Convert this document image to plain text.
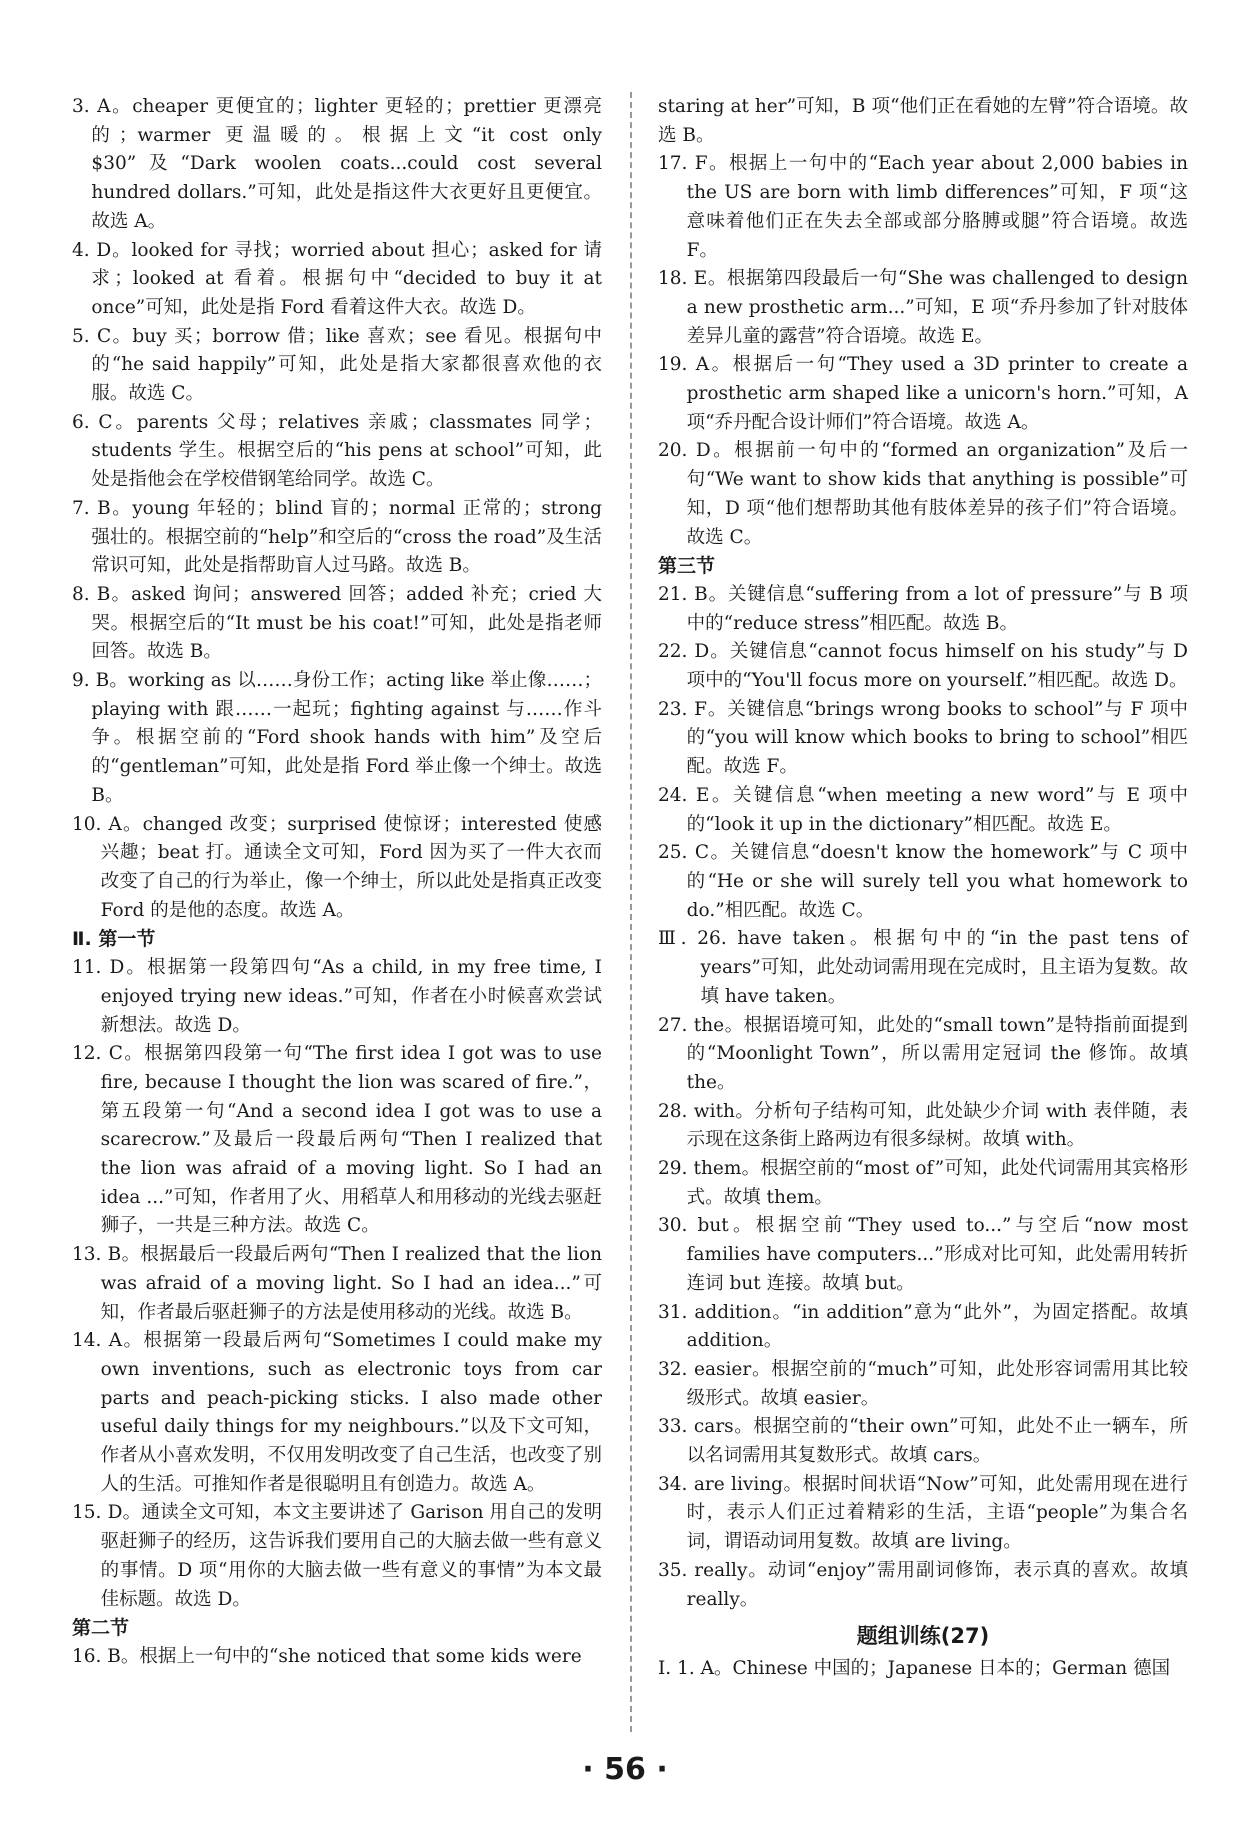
3. A。cheaper 更便宜的；lighter 更轻的；prettier 更漂亮的；warmer 更温暖的。根据上文“it cost only $30”及“Dark woolen coats...could cost several hundred dollars.”可知，此处是指这件大衣更好且更便宜。故选 A。

4. D。looked for 寻找；worried about 担心；asked for 请求；looked at 看着。根据句中“decided to buy it at once”可知，此处是指 Ford 看着这件大衣。故选 D。

5. C。buy 买；borrow 借；like 喜欢；see 看见。根据句中的“he said happily”可知，此处是指大家都很喜欢他的衣服。故选 C。

6. C。parents 父母；relatives 亲戚；classmates 同学；students 学生。根据空后的“his pens at school”可知，此处是指他会在学校借钢笔给同学。故选 C。

7. B。young 年轻的；blind 盲的；normal 正常的；strong 强壮的。根据空前的“help”和空后的“cross the road”及生活常识可知，此处是指帮助盲人过马路。故选 B。

8. B。asked 询问；answered 回答；added 补充；cried 大哭。根据空后的“It must be his coat!”可知，此处是指老师回答。故选 B。

9. B。working as 以……身份工作；acting like 举止像……；playing with 跟……一起玩；fighting against 与……作斗争。根据空前的“Ford shook hands with him”及空后的“gentleman”可知，此处是指 Ford 举止像一个绅士。故选 B。

10. A。changed 改变；surprised 使惊讶；interested 使感兴趣；beat 打。通读全文可知，Ford 因为买了一件大衣而改变了自己的行为举止，像一个绅士，所以此处是指真正改变 Ford 的是他的态度。故选 A。

Ⅱ. 第一节

11. D。根据第一段第四句“As a child, in my free time, I enjoyed trying new ideas.”可知，作者在小时候喜欢尝试新想法。故选 D。

12. C。根据第四段第一句“The first idea I got was to use fire, because I thought the lion was scared of fire.”，第五段第一句“And a second idea I got was to use a scarecrow.”及最后一段最后两句“Then I realized that the lion was afraid of a moving light. So I had an idea ...”可知，作者用了火、用稻草人和用移动的光线去驱赶狮子，一共是三种方法。故选 C。

13. B。根据最后一段最后两句“Then I realized that the lion was afraid of a moving light. So I had an idea...”可知，作者最后驱赶狮子的方法是使用移动的光线。故选 B。

14. A。根据第一段最后两句“Sometimes I could make my own inventions, such as electronic toys from car parts and peach-picking sticks. I also made other useful daily things for my neighbours.”以及下文可知，作者从小喜欢发明，不仅用发明改变了自己生活，也改变了别人的生活。可推知作者是很聪明且有创造力。故选 A。

15. D。通读全文可知，本文主要讲述了 Garison 用自己的发明驱赶狮子的经历，这告诉我们要用自己的大脑去做一些有意义的事情。D 项“用你的大脑去做一些有意义的事情”为本文最佳标题。故选 D。

第二节

16. B。根据上一句中的“she noticed that some kids were

staring at her”可知，B 项“他们正在看她的左臂”符合语境。故选 B。

17. F。根据上一句中的“Each year about 2,000 babies in the US are born with limb differences”可知，F 项“这意味着他们正在失去全部或部分胳膊或腿”符合语境。故选 F。

18. E。根据第四段最后一句“She was challenged to design a new prosthetic arm...”可知，E 项“乔丹参加了针对肢体差异儿童的露营”符合语境。故选 E。

19. A。根据后一句“They used a 3D printer to create a prosthetic arm shaped like a unicorn's horn.”可知，A 项“乔丹配合设计师们”符合语境。故选 A。

20. D。根据前一句中的“formed an organization”及后一句“We want to show kids that anything is possible”可知，D 项“他们想帮助其他有肢体差异的孩子们”符合语境。故选 C。

第三节

21. B。关键信息“suffering from a lot of pressure”与 B 项中的“reduce stress”相匹配。故选 B。

22. D。关键信息“cannot focus himself on his study”与 D 项中的“You'll focus more on yourself.”相匹配。故选 D。

23. F。关键信息“brings wrong books to school”与 F 项中的“you will know which books to bring to school”相匹配。故选 F。

24. E。关键信息“when meeting a new word”与 E 项中的“look it up in the dictionary”相匹配。故选 E。

25. C。关键信息“doesn't know the homework”与 C 项中的“He or she will surely tell you what homework to do.”相匹配。故选 C。

Ⅲ. 26. have taken。根据句中的“in the past tens of years”可知，此处动词需用现在完成时，且主语为复数。故填 have taken。

27. the。根据语境可知，此处的“small town”是特指前面提到的“Moonlight Town”，所以需用定冠词 the 修饰。故填 the。

28. with。分析句子结构可知，此处缺少介词 with 表伴随，表示现在这条街上路两边有很多绿树。故填 with。

29. them。根据空前的“most of”可知，此处代词需用其宾格形式。故填 them。

30. but。根据空前“They used to...”与空后“now most families have computers...”形成对比可知，此处需用转折连词 but 连接。故填 but。

31. addition。“in addition”意为“此外”，为固定搭配。故填 addition。

32. easier。根据空前的“much”可知，此处形容词需用其比较级形式。故填 easier。

33. cars。根据空前的“their own”可知，此处不止一辆车，所以名词需用其复数形式。故填 cars。

34. are living。根据时间状语“Now”可知，此处需用现在进行时，表示人们正过着精彩的生活，主语“people”为集合名词，谓语动词用复数。故填 are living。

35. really。动词“enjoy”需用副词修饰，表示真的喜欢。故填 really。

题组训练(27)

Ⅰ. 1. A。Chinese 中国的；Japanese 日本的；German 德国

· 56 ·
